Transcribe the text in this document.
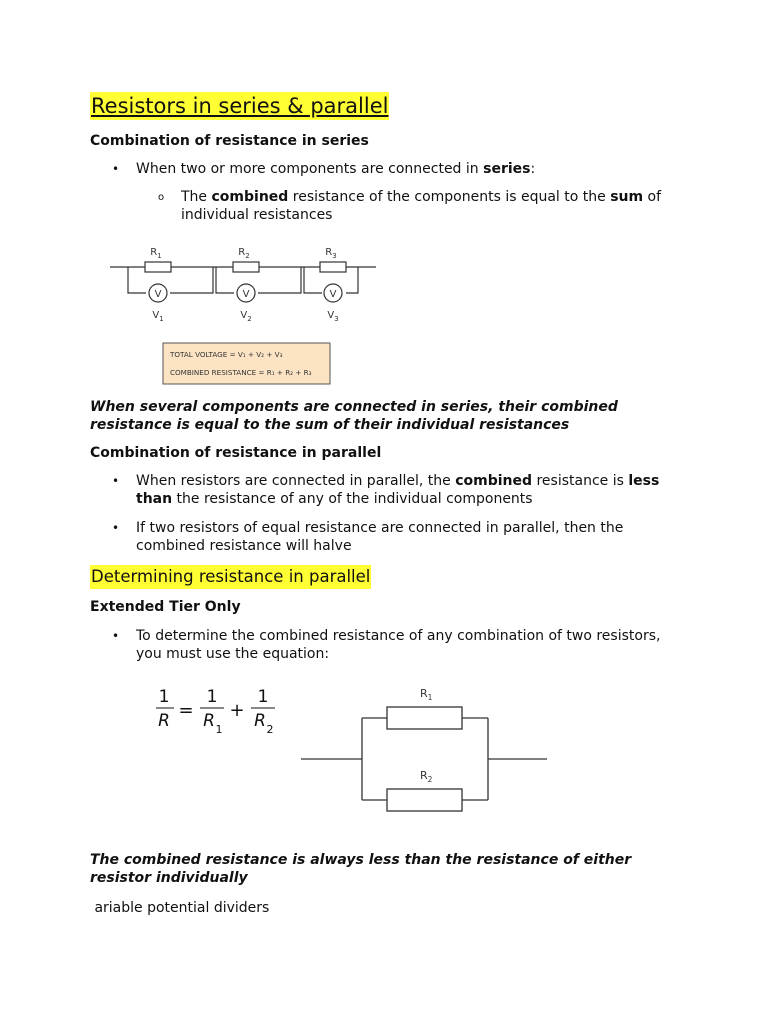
Resistors in series & parallel
Combination of resistance in series
• When two or more components are connected in series:
o The combined resistance of the components is equal to the sum of
individual resistances
V	V	V
$R_1$	$R_2$	$R_3$
$V_1$	$V_2$	$V_3$
TOTAL VOLTAGE = V₁ + V₂ + V₃
COMBINED RESISTANCE = R₁ + R₂ + R₃
When several components are connected in series, their combined
resistance is equal to the sum of their individual resistances
Combination of resistance in parallel
• When resistors are connected in parallel, the combined resistance is less
than the resistance of any of the individual components
• If two resistors of equal resistance are connected in parallel, then the
combined resistance will halve
Determining resistance in parallel
Extended Tier Only
• To determine the combined resistance of any combination of two resistors,
you must use the equation:
1
R =
1
R 1
+
1
R 2
$R_1$
$R_2$
The combined resistance is always less than the resistance of either
resistor individually
ariable potential dividers
